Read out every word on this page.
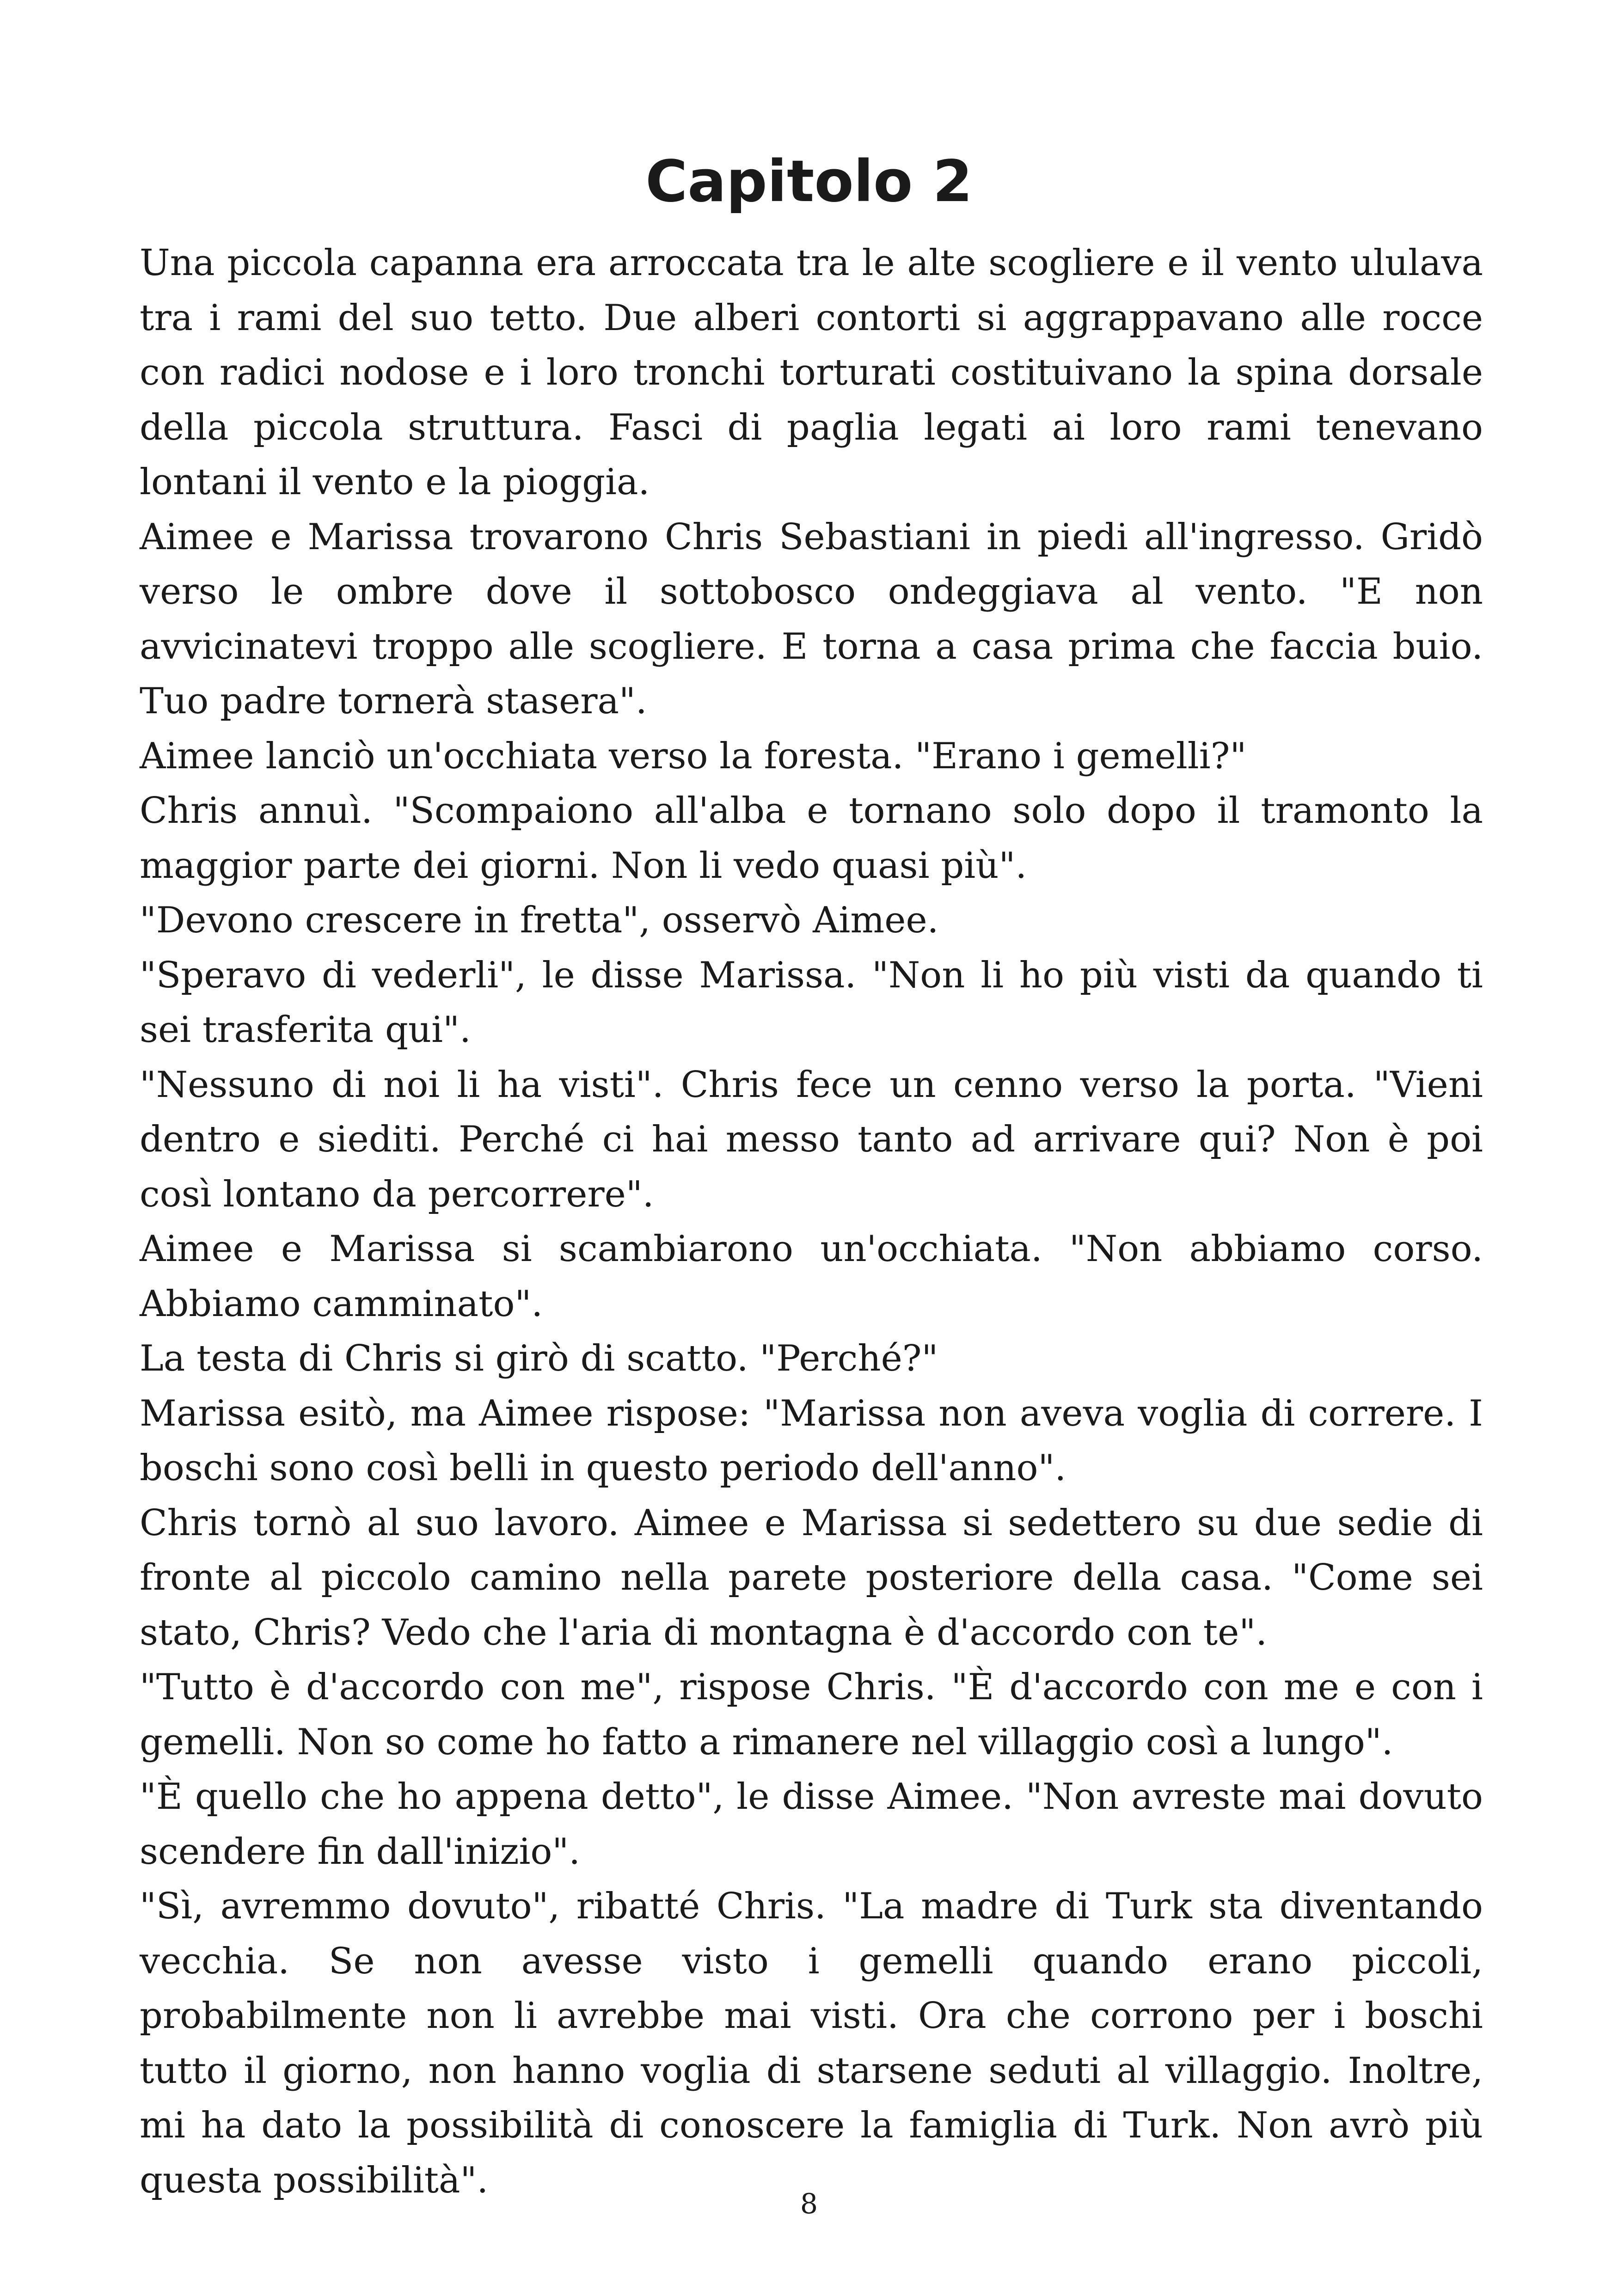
Capitolo 2

Una piccola capanna era arroccata tra le alte scogliere e il vento ululava tra i rami del suo tetto. Due alberi contorti si aggrappavano alle rocce con radici nodose e i loro tronchi torturati costituivano la spina dorsale della piccola struttura. Fasci di paglia legati ai loro rami tenevano lontani il vento e la pioggia.

Aimee e Marissa trovarono Chris Sebastiani in piedi all'ingresso. Gridò verso le ombre dove il sottobosco ondeggiava al vento. "E non avvicinatevi troppo alle scogliere. E torna a casa prima che faccia buio. Tuo padre tornerà stasera".

Aimee lanciò un'occhiata verso la foresta. "Erano i gemelli?"

Chris annuì. "Scompaiono all'alba e tornano solo dopo il tramonto la maggior parte dei giorni. Non li vedo quasi più".

"Devono crescere in fretta", osservò Aimee.

"Speravo di vederli", le disse Marissa. "Non li ho più visti da quando ti sei trasferita qui".

"Nessuno di noi li ha visti". Chris fece un cenno verso la porta. "Vieni dentro e siediti. Perché ci hai messo tanto ad arrivare qui? Non è poi così lontano da percorrere".

Aimee e Marissa si scambiarono un'occhiata. "Non abbiamo corso. Abbiamo camminato".

La testa di Chris si girò di scatto. "Perché?"

Marissa esitò, ma Aimee rispose: "Marissa non aveva voglia di correre. I boschi sono così belli in questo periodo dell'anno".

Chris tornò al suo lavoro. Aimee e Marissa si sedettero su due sedie di fronte al piccolo camino nella parete posteriore della casa. "Come sei stato, Chris? Vedo che l'aria di montagna è d'accordo con te".

"Tutto è d'accordo con me", rispose Chris. "È d'accordo con me e con i gemelli. Non so come ho fatto a rimanere nel villaggio così a lungo".

"È quello che ho appena detto", le disse Aimee. "Non avreste mai dovuto scendere fin dall'inizio".

"Sì, avremmo dovuto", ribatté Chris. "La madre di Turk sta diventando vecchia. Se non avesse visto i gemelli quando erano piccoli, probabilmente non li avrebbe mai visti. Ora che corrono per i boschi tutto il giorno, non hanno voglia di starsene seduti al villaggio. Inoltre, mi ha dato la possibilità di conoscere la famiglia di Turk. Non avrò più questa possibilità".

8
